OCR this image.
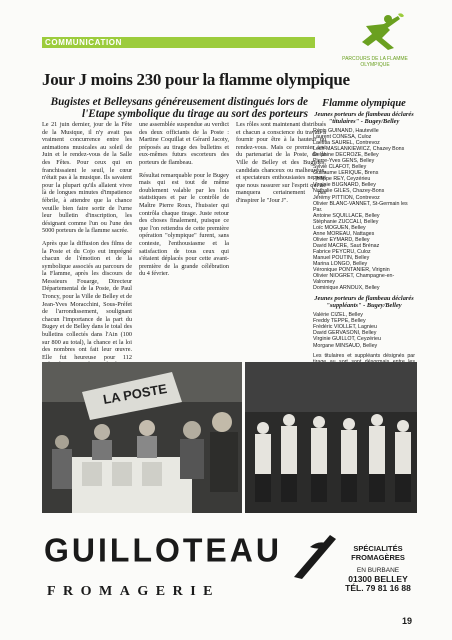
COMMUNICATION
PARCOURS DE LA FLAMME OLYMPIQUE
Jour J moins 230 pour la flamme olympique
Bugistes et Belleysans généreusement distingués lors de l'Etape symbolique du tirage au sort des porteurs

Le 21 juin dernier, jour de la Fête de la Musique, il n'y avait pas vraiment concurrence entre les animations musicales au soleil de Juin et le rendez-vous de la Salle des Fêtes. Pour ceux qui en franchissaient le seuil, le cœur n'était pas à la musique. Ils savaient pour la plupart qu'ils allaient vivre là de longues minutes d'impatience fébrile, à attendre que la chance veuille bien faire sortir de l'urne leur bulletin d'inscription, les désignant comme l'un ou l'une des 5000 porteurs de la flamme sacrée.

Après que la diffusion des films de la Poste et du Cojo eut imprégné chacun de l'émotion et de la symbolique associés au parcours de la Flamme, après les discours de Messieurs Fouarge, Directeur Départemental de la Poste, de Paul Troncy, pour la Ville de Belley et de Jean-Yves Moracchini, Sous-Préfet de l'arrondissement, soulignant chacun l'importance de la part du Bugey et de Belley dans le total des bulletins collectés dans l'Ain (100 sur 800 au total), la chance et la loi des nombres ont fait leur œuvre. Elle fut heureuse pour 112

une assemblée suspendue au verdict des deux officiants de la Poste : Martine Coquillat et Gérard Jacoty, préposés au tirage des bulletins et eux-mêmes futurs escorteurs des porteurs de flambeau.

Résultat remarquable pour le Bugey mais qui est tout de même doublement valable par les lois statistiques et par le contrôle de Maître Pierre Roux, l'huissier qui contrôla chaque tirage. Juste retour des choses finalement, puisque ce que l'on retiendra de cette première opération "olympique" furent, sans conteste, l'enthousiasme et la satisfaction de tous ceux qui s'étaient déplacés pour cette avant-première de la grande célébration du 4 février.

Les rôles sont maintenant distribués et chacun a conscience du travail à fournir pour être à la hauteur du rendez-vous. Mais ce premier test du partenariat de la Poste, de la Ville de Belley et des Bugistes, candidats chanceux ou malheureux, et spectateurs enthousiastes ne peut que nous rassurer sur l'esprit qui ne manquera certainement pas d'inspirer le "Jour J".

Flamme olympique
Jeunes porteurs de flambeau déclarés "titulaires" - Bugey/Belley
Régis GUINAND, Hauteville
Laurent CONESA, Culoz
Laetitia SAUREL, Contrevoz
Lech MASLANKIEWICZ, Chazey Bons
Delphine DECROZE, Belley
Pierre-Yves GENS, Belley
Sylvie CLAFOT, Belley
Guillaume LERIQUE, Brens
Philippe REY, Ceyzérieu
Virginie BUGNARD, Belley
Nathalie GILES, Chazey-Bons
Jérémy PITTION, Contrevoz
Olivier BLANC-VANNET, St-Germain les Par.
Antoine SQUILLACE, Belley
Stéphanie ZUCCALI, Belley
Loïc MOGUEN, Belley
Anne MOREAU, Nattages
Olivier EYMARD, Belley
David MACRE, Saut Brénaz
Fabrice PEYCRU, Culoz
Manuel POUTIN, Belley
Marina LONGO, Belley
Véronique PONTANIER, Virignin
Olivier NIOGRET, Champagne-en-Valromey
Dominique ARNOUX, Belley
Jeunes porteurs de flambeau déclarés "suppléants" - Bugey/Belley
Valérie CIZEL, Belley
Freddy TEPPE, Belley
Frédéric VIOLLET, Lagnieu
David GERVASONI, Belley
Virginie GUILLOT, Ceyzérieu
Morgane MINSAUD, Belley

Les titulaires et suppléants désignés par

LA POSTE
GUILLOTEAU
FROMAGERIE
SPÉCIALITÉS FROMAGÈRES
EN BURBANE
01300 BELLEY
TÉL. 79 81 16 88
19
